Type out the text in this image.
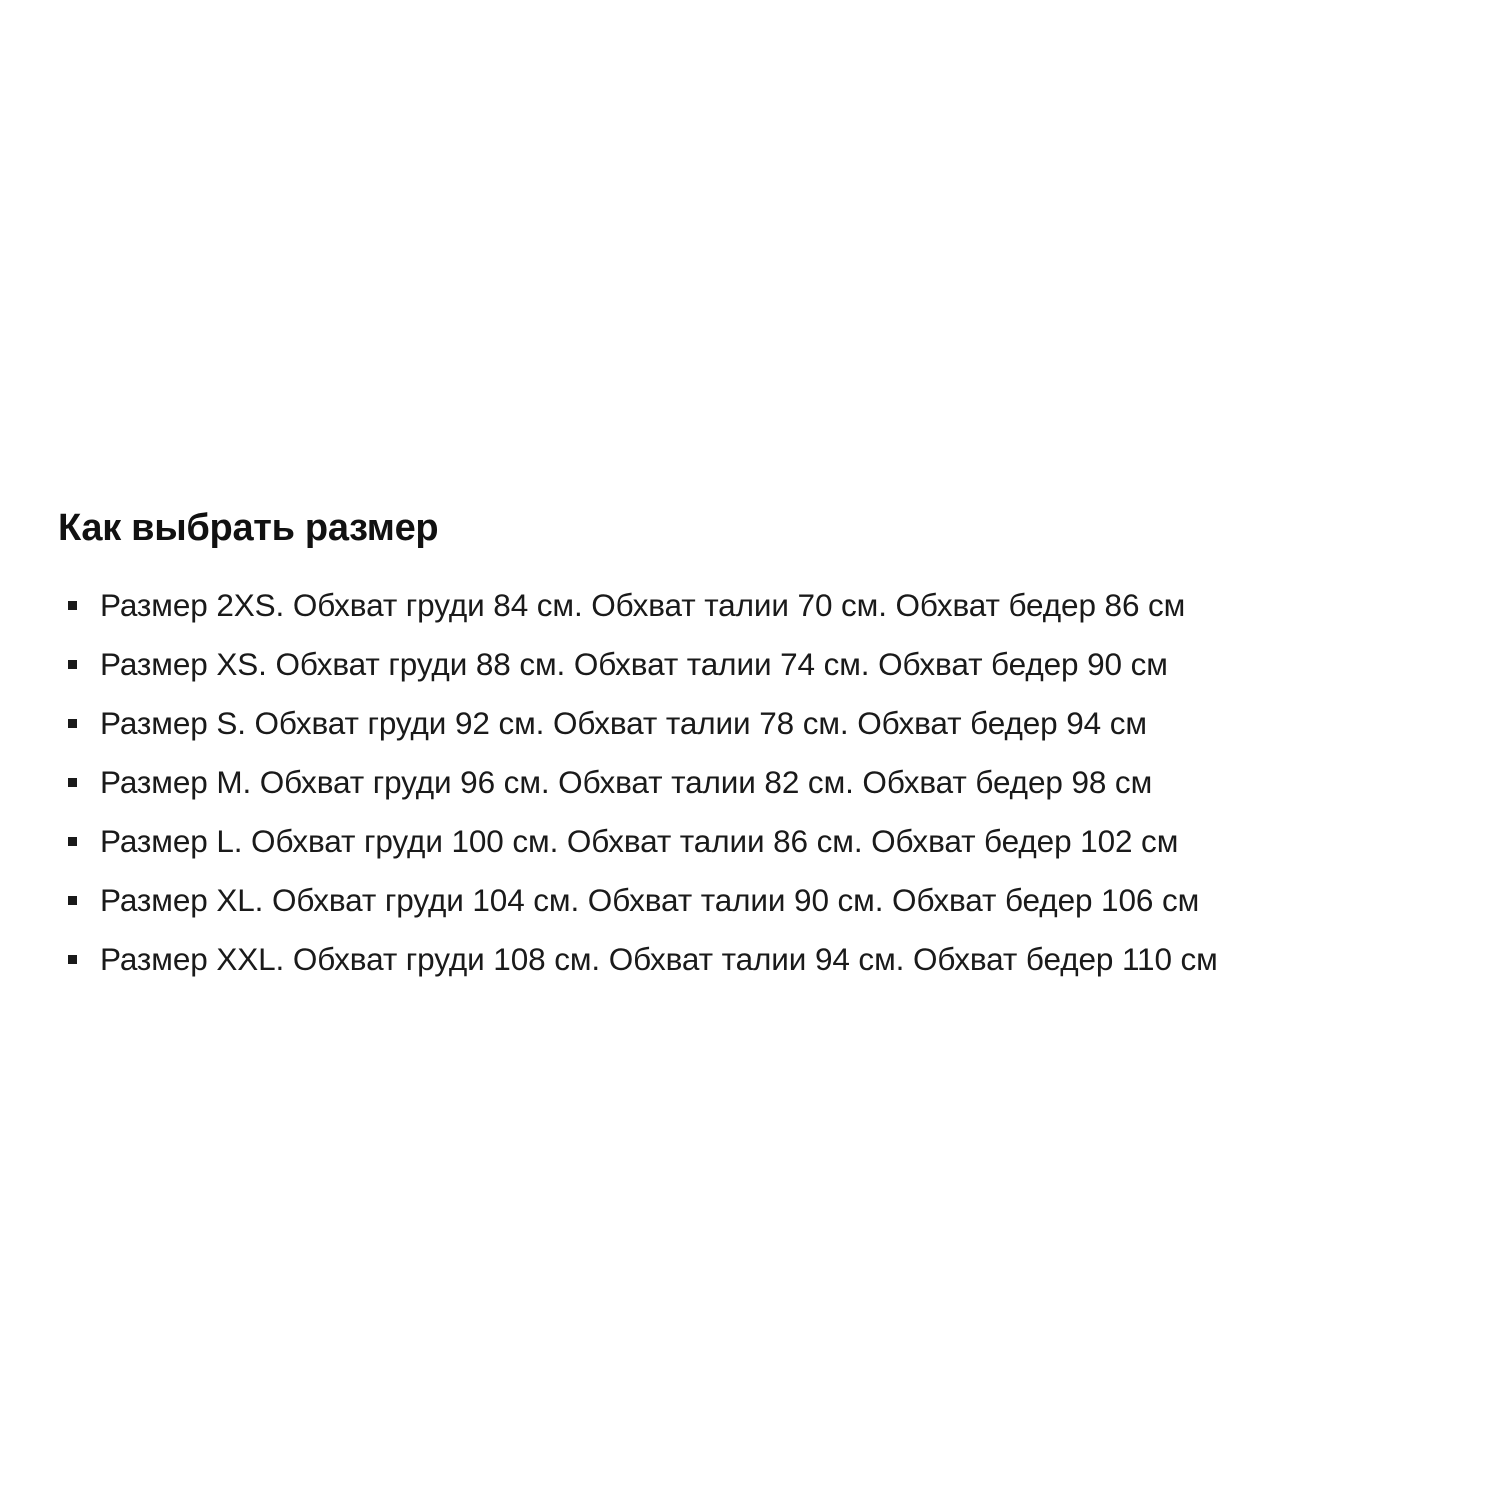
Как выбрать размер
Размер 2XS. Обхват груди 84 см. Обхват талии 70 см. Обхват бедер 86 см
Размер XS. Обхват груди 88 см. Обхват талии 74 см. Обхват бедер 90 см
Размер S. Обхват груди 92 см. Обхват талии 78 см. Обхват бедер 94 см
Размер M. Обхват груди 96 см. Обхват талии 82 см. Обхват бедер 98 см
Размер L. Обхват груди 100 см. Обхват талии 86 см. Обхват бедер 102 см
Размер XL. Обхват груди 104 см. Обхват талии 90 см. Обхват бедер 106 см
Размер XXL. Обхват груди 108 см. Обхват талии 94 см. Обхват бедер 110 см
